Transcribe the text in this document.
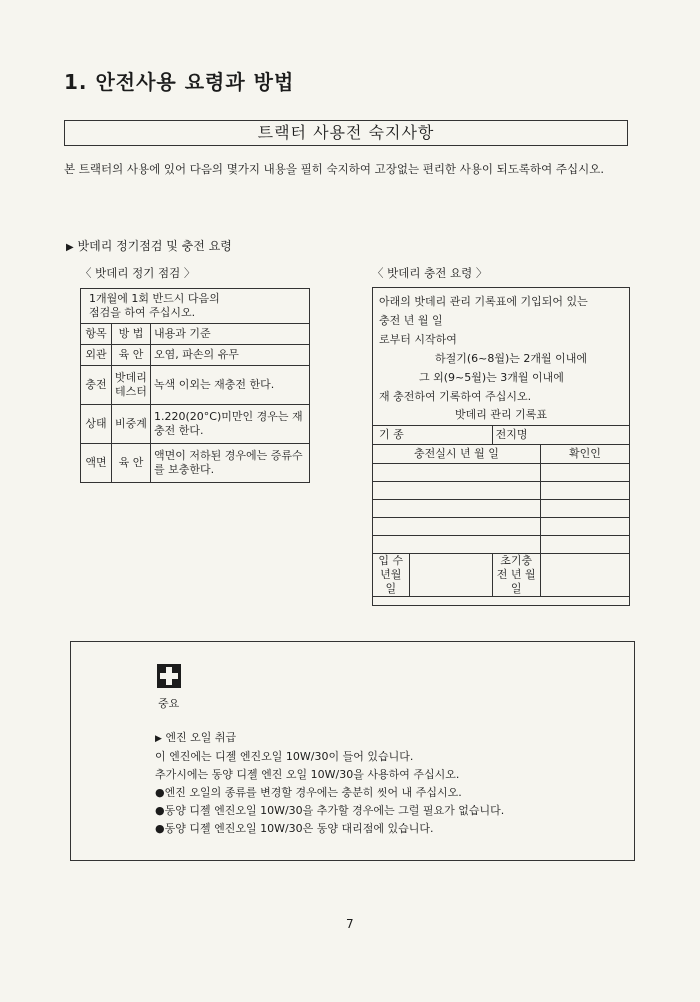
1. 안전사용 요령과 방법
트랙터 사용전 숙지사항
본 트랙터의 사용에 있어 다음의 몇가지 내용을 필히 숙지하여 고장없는 편리한 사용이 되도록하여 주십시오.
▶ 밧데리 정기점검 및 충전 요령
〈 밧데리 정기 점검 〉	〈 밧데리 충전 요령 〉
1개월에 1회 반드시 다음의
점검을 하여 주십시오.		

항목	방 법	내용과 기준
외관	육 안	오염, 파손의 유무
충전	밧데리 테스터	녹색 이외는 재충전 한다.
상태	비중계	1.220(20°C)미만인 경우는 재충전 한다.
액면	육 안	액면이 저하된 경우에는 증류수를 보충한다.
아래의 밧데리 관리 기록표에 기입되어 있는
충전 년 월 일
로부터 시작하여
하절기(6~8월)는 2개월 이내에
그 외(9~5월)는 3개월 이내에
재 충전하여 기록하여 주십시오.
밧데리 관리 기록표
기 종		전지명	
충전실시 년 월 일			확인인

입 수 년월일		초기충전 년 월 일	
중요
▶ 엔진 오일 취급
이 엔진에는 디젤 엔진오일 10W/30이 들어 있습니다.
추가시에는 동양 디젤 엔진 오일 10W/30을 사용하여 주십시오.
●엔진 오일의 종류를 변경할 경우에는 충분히 씻어 내 주십시오.
●동양 디젤 엔진오일 10W/30을 추가할 경우에는 그럴 필요가 없습니다.
●동양 디젤 엔진오일 10W/30은 동양 대리점에 있습니다.
7
